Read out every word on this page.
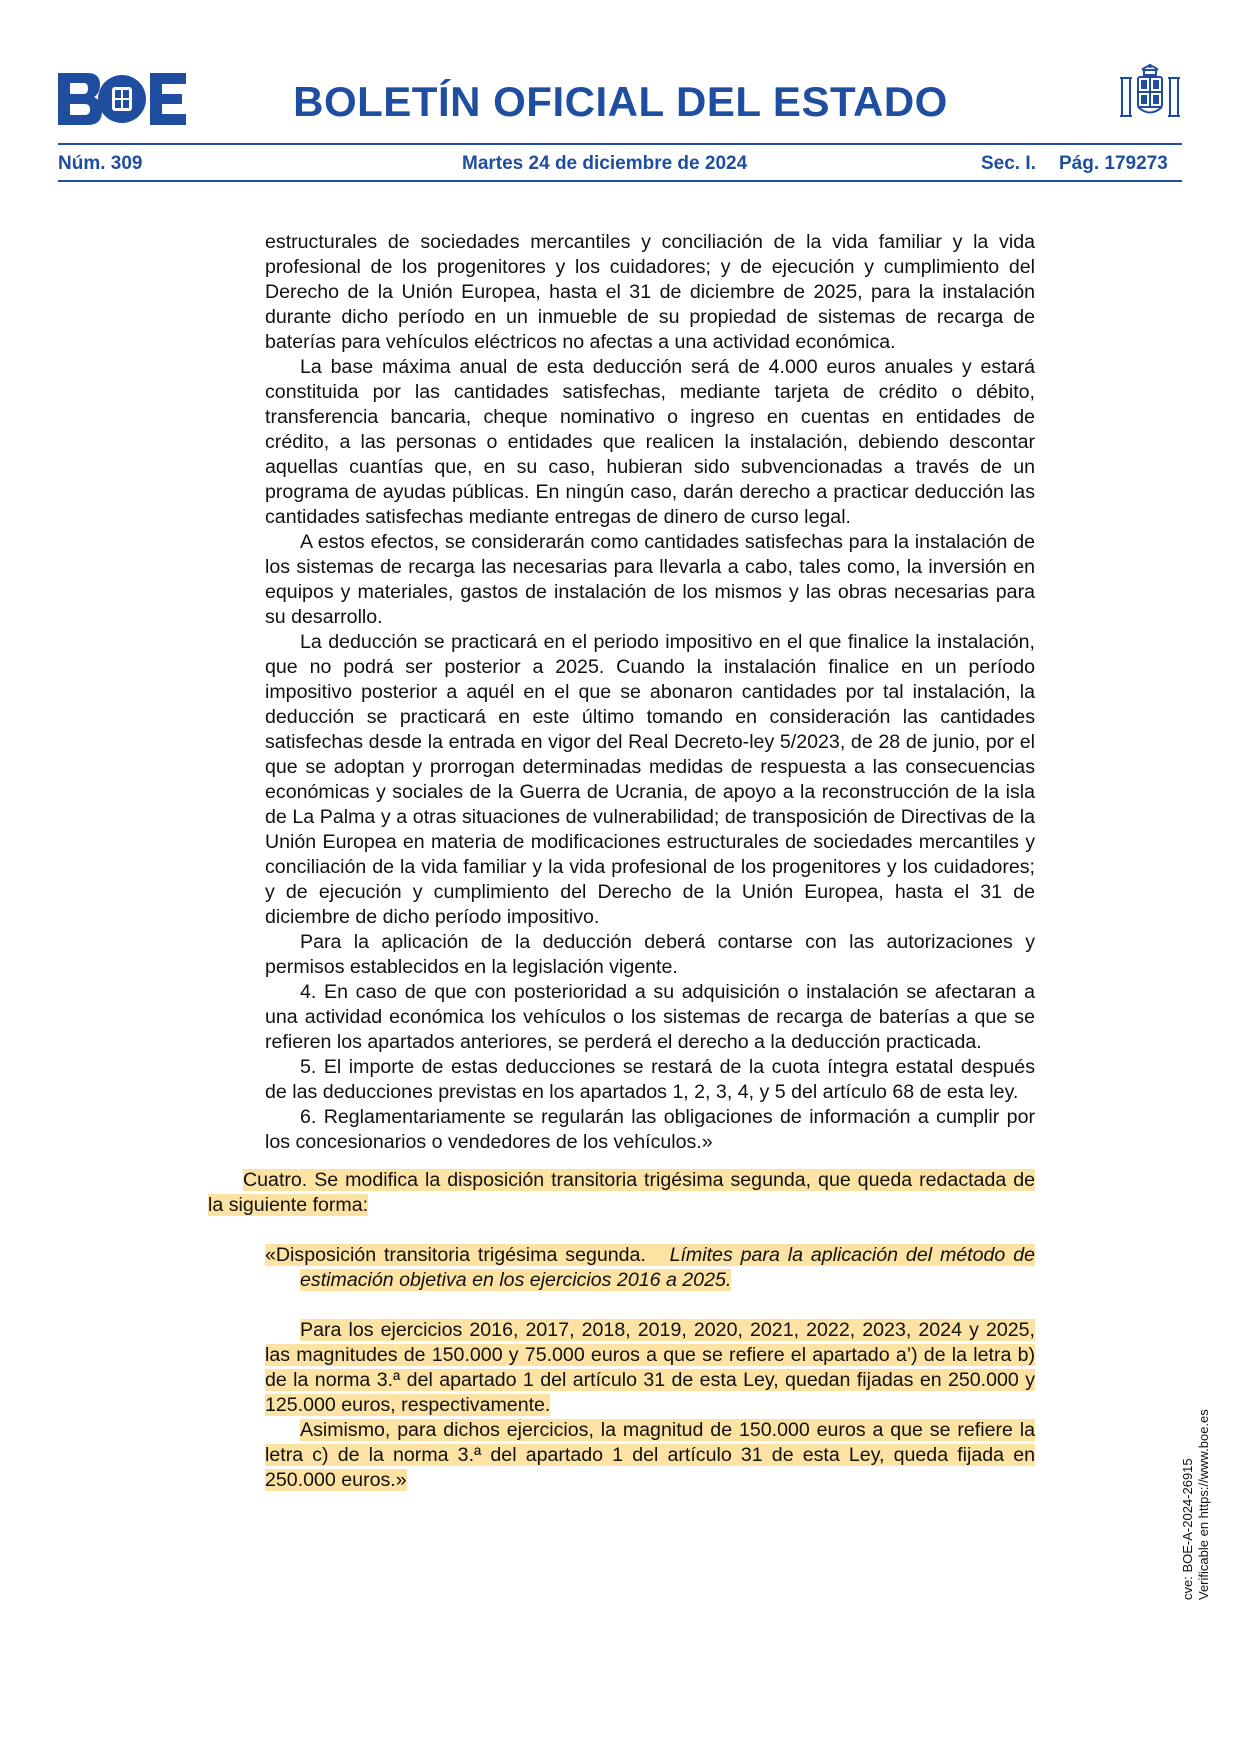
BOLETÍN OFICIAL DEL ESTADO
Núm. 309	Martes 24 de diciembre de 2024	Sec. I. Pág. 179273
cve: BOE-A-2024-26915 Verificable en https://www.boe.es

estructurales de sociedades mercantiles y conciliación de la vida familiar y la vida profesional de los progenitores y los cuidadores; y de ejecución y cumplimiento del Derecho de la Unión Europea, hasta el 31 de diciembre de 2025, para la instalación durante dicho período en un inmueble de su propiedad de sistemas de recarga de baterías para vehículos eléctricos no afectas a una actividad económica.

La base máxima anual de esta deducción será de 4.000 euros anuales y estará constituida por las cantidades satisfechas, mediante tarjeta de crédito o débito, transferencia bancaria, cheque nominativo o ingreso en cuentas en entidades de crédito, a las personas o entidades que realicen la instalación, debiendo descontar aquellas cuantías que, en su caso, hubieran sido subvencionadas a través de un programa de ayudas públicas. En ningún caso, darán derecho a practicar deducción las cantidades satisfechas mediante entregas de dinero de curso legal.

A estos efectos, se considerarán como cantidades satisfechas para la instalación de los sistemas de recarga las necesarias para llevarla a cabo, tales como, la inversión en equipos y materiales, gastos de instalación de los mismos y las obras necesarias para su desarrollo.

La deducción se practicará en el periodo impositivo en el que finalice la instalación, que no podrá ser posterior a 2025. Cuando la instalación finalice en un período impositivo posterior a aquél en el que se abonaron cantidades por tal instalación, la deducción se practicará en este último tomando en consideración las cantidades satisfechas desde la entrada en vigor del Real Decreto-ley 5/2023, de 28 de junio, por el que se adoptan y prorrogan determinadas medidas de respuesta a las consecuencias económicas y sociales de la Guerra de Ucrania, de apoyo a la reconstrucción de la isla de La Palma y a otras situaciones de vulnerabilidad; de transposición de Directivas de la Unión Europea en materia de modificaciones estructurales de sociedades mercantiles y conciliación de la vida familiar y la vida profesional de los progenitores y los cuidadores; y de ejecución y cumplimiento del Derecho de la Unión Europea, hasta el 31 de diciembre de dicho período impositivo.

Para la aplicación de la deducción deberá contarse con las autorizaciones y permisos establecidos en la legislación vigente.

4. En caso de que con posterioridad a su adquisición o instalación se afectaran a una actividad económica los vehículos o los sistemas de recarga de baterías a que se refieren los apartados anteriores, se perderá el derecho a la deducción practicada.

5. El importe de estas deducciones se restará de la cuota íntegra estatal después de las deducciones previstas en los apartados 1, 2, 3, 4, y 5 del artículo 68 de esta ley.

6. Reglamentariamente se regularán las obligaciones de información a cumplir por los concesionarios o vendedores de los vehículos.»

Cuatro. Se modifica la disposición transitoria trigésima segunda, que queda redactada de la siguiente forma:

«Disposición transitoria trigésima segunda. Límites para la aplicación del método de estimación objetiva en los ejercicios 2016 a 2025.

Para los ejercicios 2016, 2017, 2018, 2019, 2020, 2021, 2022, 2023, 2024 y 2025, las magnitudes de 150.000 y 75.000 euros a que se refiere el apartado a’) de la letra b) de la norma 3.ª del apartado 1 del artículo 31 de esta Ley, quedan fijadas en 250.000 y 125.000 euros, respectivamente.

Asimismo, para dichos ejercicios, la magnitud de 150.000 euros a que se refiere la letra c) de la norma 3.ª del apartado 1 del artículo 31 de esta Ley, queda fijada en 250.000 euros.»
